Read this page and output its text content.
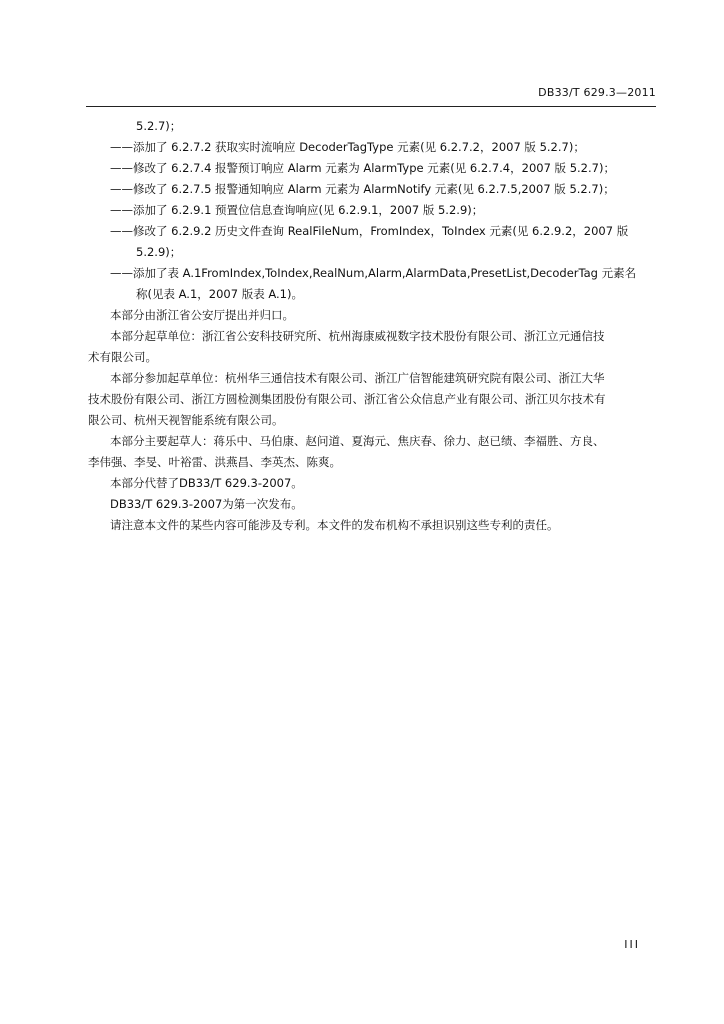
DB33/T 629.3—2011
5.2.7)；
——添加了 6.2.7.2 获取实时流响应 DecoderTagType 元素(见 6.2.7.2，2007 版 5.2.7)；
——修改了 6.2.7.4 报警预订响应 Alarm 元素为 AlarmType 元素(见 6.2.7.4，2007 版 5.2.7)；
——修改了 6.2.7.5 报警通知响应 Alarm 元素为 AlarmNotify 元素(见 6.2.7.5,2007 版 5.2.7)；
——添加了 6.2.9.1 预置位信息查询响应(见 6.2.9.1，2007 版 5.2.9)；
——修改了 6.2.9.2 历史文件查询 RealFileNum，FromIndex，ToIndex 元素(见 6.2.9.2，2007 版
5.2.9)；
——添加了表 A.1FromIndex,ToIndex,RealNum,Alarm,AlarmData,PresetList,DecoderTag 元素名
称(见表 A.1，2007 版表 A.1)。
本部分由浙江省公安厅提出并归口。
本部分起草单位：浙江省公安科技研究所、杭州海康威视数字技术股份有限公司、浙江立元通信技
术有限公司。
本部分参加起草单位：杭州华三通信技术有限公司、浙江广信智能建筑研究院有限公司、浙江大华
技术股份有限公司、浙江方圆检测集团股份有限公司、浙江省公众信息产业有限公司、浙江贝尔技术有
限公司、杭州天视智能系统有限公司。
本部分主要起草人：蒋乐中、马伯康、赵问道、夏海元、焦庆春、徐力、赵已绩、李福胜、方良、
李伟强、李旻、叶裕雷、洪燕昌、李英杰、陈爽。
本部分代替了DB33/T 629.3-2007。
DB33/T 629.3-2007为第一次发布。
请注意本文件的某些内容可能涉及专利。本文件的发布机构不承担识别这些专利的责任。
III
